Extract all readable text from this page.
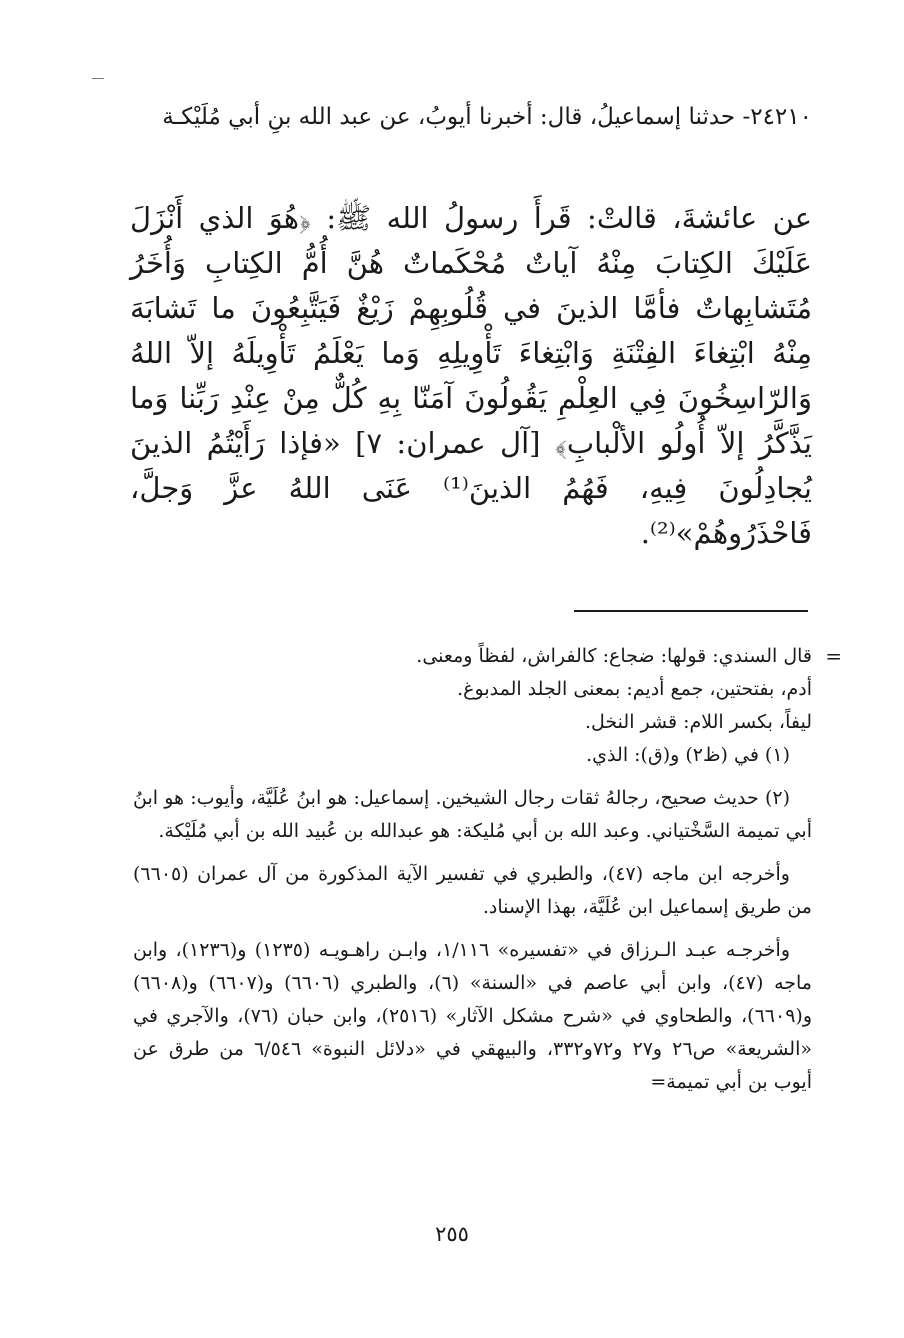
٢٤٢١٠- حدثنا إسماعيلُ، قال: أخبرنا أيوبُ، عن عبد الله بنِ أبي مُلَيْكـة

عن عائشةَ، قالتْ: قَرأَ رسولُ الله ﷺ: ﴿هُوَ الذي أَنْزَلَ عَلَيْكَ الكِتابَ مِنْهُ آياتٌ مُحْكَماتٌ هُنَّ أُمُّ الكِتابِ وَأُخَرُ مُتَشابِهاتٌ فأمَّا الذينَ في قُلُوبِهِمْ زَيْغٌ فَيَتَّبِعُونَ ما تَشابَهَ مِنْهُ ابْتِغاءَ الفِتْنَةِ وَابْتِغاءَ تَأْوِيلِهِ وَما يَعْلَمُ تَأْوِيلَهُ إلاّ اللهُ وَالرّاسِخُونَ فِي العِلْمِ يَقُولُونَ آمَنّا بِهِ كُلٌّ مِنْ عِنْدِ رَبِّنا وَما يَذَّكَّرُ إلاّ أُولُو الألْبابِ﴾ [آل عمران: ٧] «فإذا رَأَيْتُمُ الذينَ يُجادِلُونَ فِيهِ، فَهُمُ الذينَ⁽¹⁾ عَنَى اللهُ عزَّ وَجلَّ، فَاحْذَرُوهُمْ»⁽²⁾.

=

قال السندي: قولها: ضجاع: كالفراش، لفظاً ومعنى.

أدم، بفتحتين، جمع أديم: بمعنى الجلد المدبوغ.

ليفاً، بكسر اللام: قشر النخل.

(١) في (ظ٢) و(ق): الذي.

(٢) حديث صحيح، رجالهُ ثقات رجال الشيخين. إسماعيل: هو ابنُ عُلَيَّة، وأيوب: هو ابنُ أبي تميمة السَّخْتياني. وعبد الله بن أبي مُليكة: هو عبدالله بن عُبيد الله بن أبي مُلَيْكة.

وأخرجه ابن ماجه (٤٧)، والطبري في تفسير الآية المذكورة من آل عمران (٦٦٠٥) من طريق إسماعيل ابن عُلَيَّة، بهذا الإسناد.

وأخرجـه عبـد الـرزاق في «تفسيره» ١/١١٦، وابـن راهـويـه (١٢٣٥) و(١٢٣٦)، وابن ماجه (٤٧)، وابن أبي عاصم في «السنة» (٦)، والطبري (٦٦٠٦) و(٦٦٠٧) و(٦٦٠٨) و(٦٦٠٩)، والطحاوي في «شرح مشكل الآثار» (٢٥١٦)، وابن حبان (٧٦)، والآجري في «الشريعة» ص٢٦ و٢٧ و٧٢و٣٣٢، والبيهقي في «دلائل النبوة» ٦/٥٤٦ من طرق عن أيوب بن أبي تميمة=

٢٥٥
